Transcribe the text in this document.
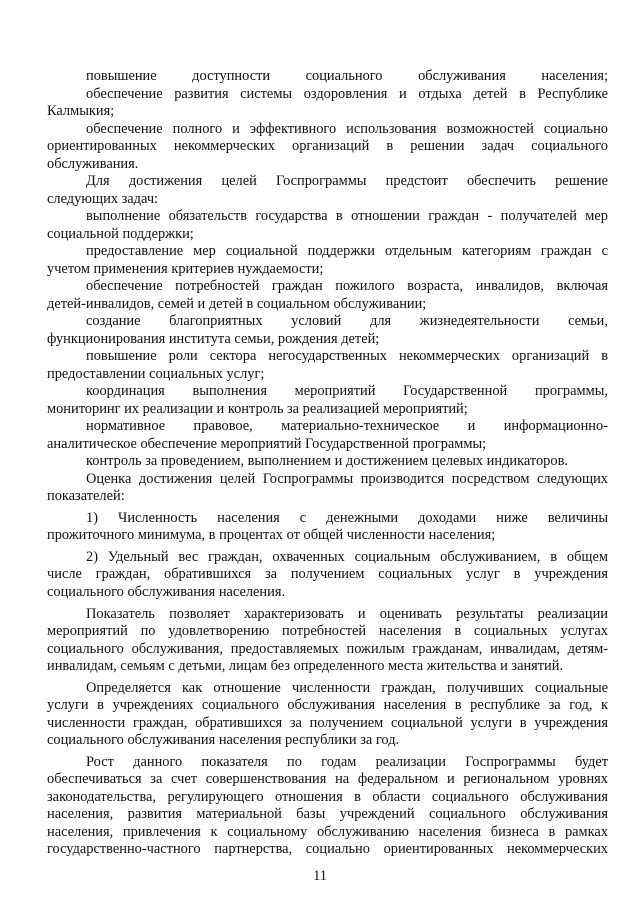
повышение доступности социального обслуживания населения;
обеспечение развития системы оздоровления и отдыха детей в Республике
Калмыкия;
обеспечение полного и эффективного использования возможностей социально
ориентированных некоммерческих организаций в решении задач социального
обслуживания.
Для достижения целей Госпрограммы предстоит обеспечить решение
следующих задач:
выполнение обязательств государства в отношении граждан - получателей мер
социальной поддержки;
предоставление мер социальной поддержки отдельным категориям граждан с
учетом применения критериев нуждаемости;
обеспечение потребностей граждан пожилого возраста, инвалидов, включая
детей-инвалидов, семей и детей в социальном обслуживании;
создание благоприятных условий для жизнедеятельности семьи,
функционирования института семьи, рождения детей;
повышение роли сектора негосударственных некоммерческих организаций в
предоставлении социальных услуг;
координация выполнения мероприятий Государственной программы,
мониторинг их реализации и контроль за реализацией мероприятий;
нормативное правовое, материально-техническое и информационно-
аналитическое обеспечение мероприятий Государственной программы;
контроль за проведением, выполнением и достижением целевых индикаторов.
Оценка достижения целей Госпрограммы производится посредством следующих
показателей:
1) Численность населения с денежными доходами ниже величины
прожиточного минимума, в процентах от общей численности населения;
2) Удельный вес граждан, охваченных социальным обслуживанием, в общем
числе граждан, обратившихся за получением социальных услуг в учреждения
социального обслуживания населения.
Показатель позволяет характеризовать и оценивать результаты реализации
мероприятий по удовлетворению потребностей населения в социальных услугах
социального обслуживания, предоставляемых пожилым гражданам, инвалидам, детям-
инвалидам, семьям с детьми, лицам без определенного места жительства и занятий.
Определяется как отношение численности граждан, получивших социальные
услуги в учреждениях социального обслуживания населения в республике за год, к
численности граждан, обратившихся за получением социальной услуги в учреждения
социального обслуживания населения республики за год.
Рост данного показателя по годам реализации Госпрограммы будет
обеспечиваться за счет совершенствования на федеральном и региональном уровнях
законодательства, регулирующего отношения в области социального обслуживания
населения, развития материальной базы учреждений социального обслуживания
населения, привлечения к социальному обслуживанию населения бизнеса в рамках
государственно-частного партнерства, социально ориентированных некоммерческих
11
